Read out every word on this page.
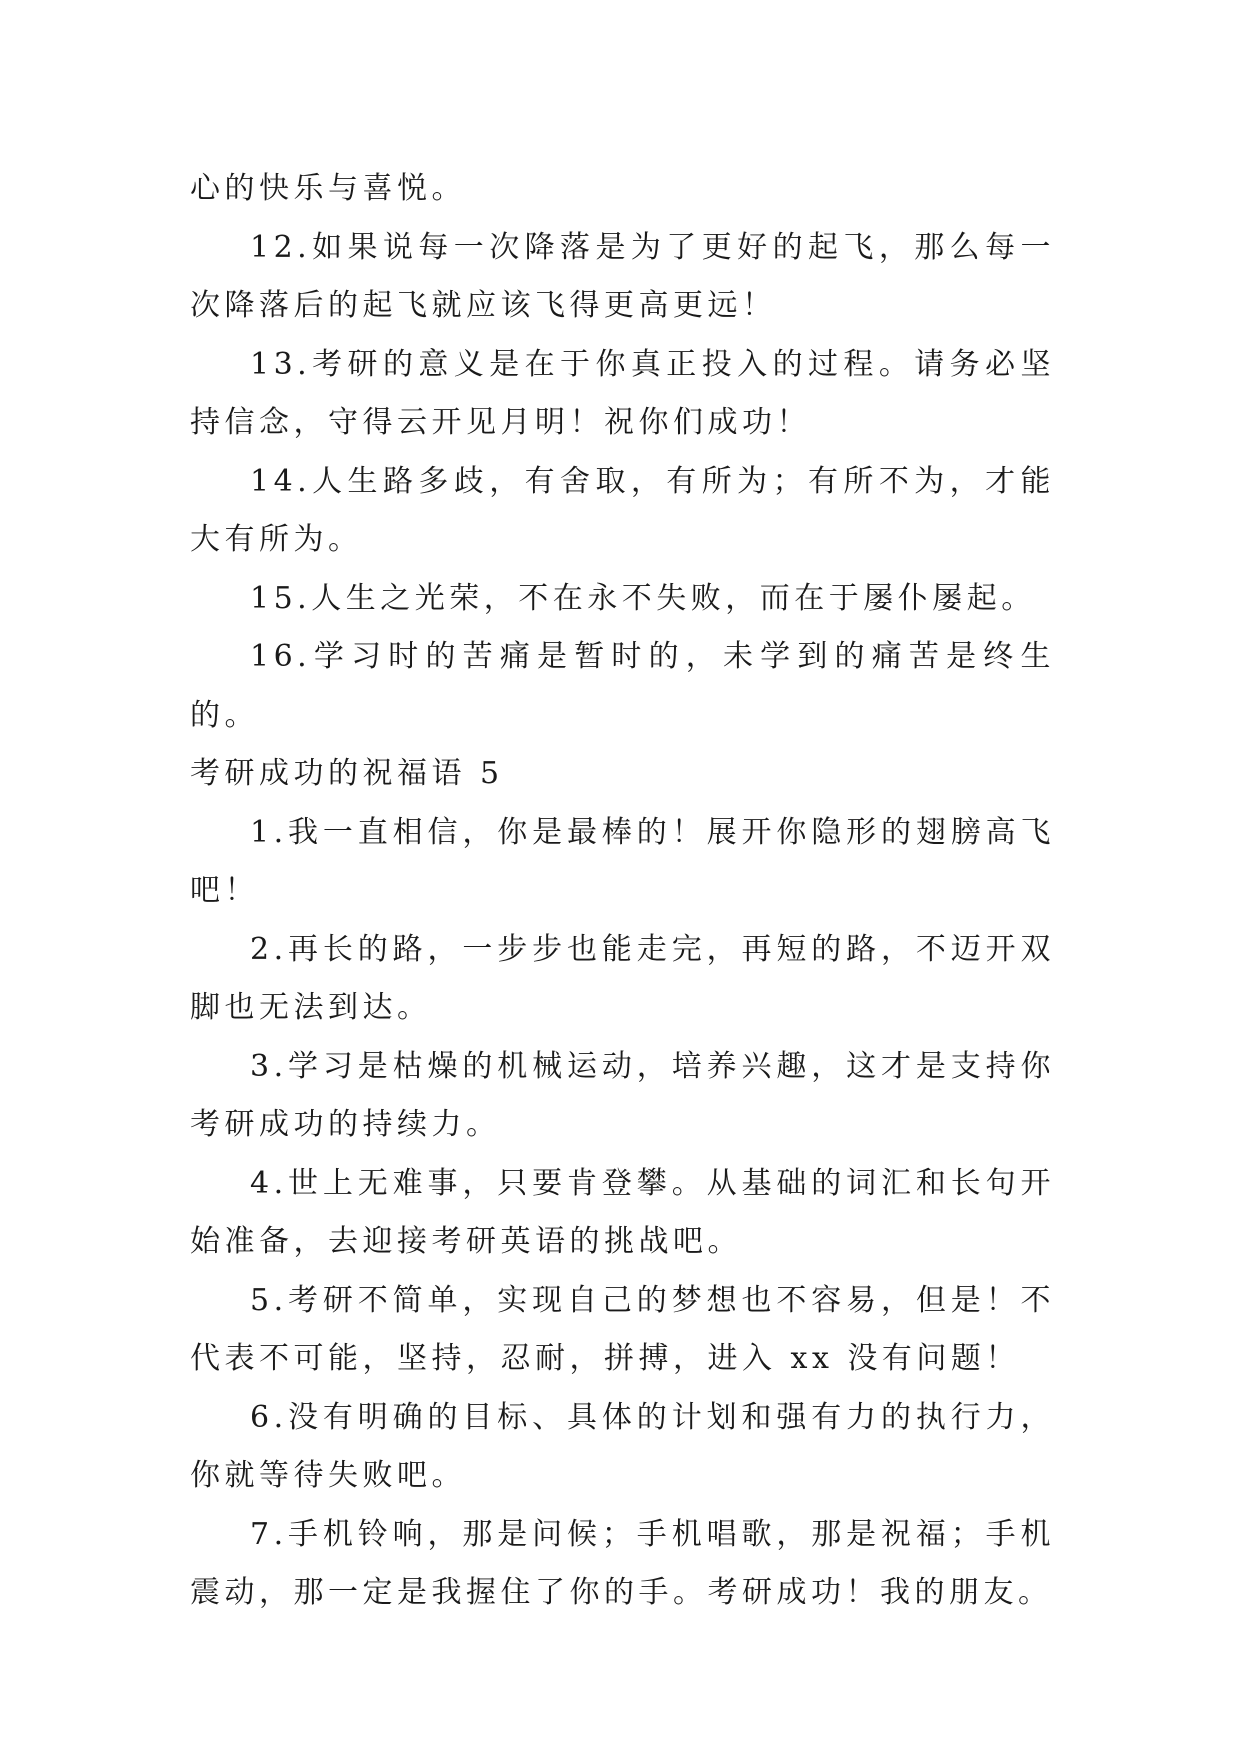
心的快乐与喜悦。

12.如果说每一次降落是为了更好的起飞，那么每一次降落后的起飞就应该飞得更高更远！

13.考研的意义是在于你真正投入的过程。请务必坚持信念，守得云开见月明！祝你们成功！

14.人生路多歧，有舍取，有所为；有所不为，才能大有所为。

15.人生之光荣，不在永不失败，而在于屡仆屡起。

16.学习时的苦痛是暂时的，未学到的痛苦是终生的。

考研成功的祝福语 5

1.我一直相信，你是最棒的！展开你隐形的翅膀高飞吧！

2.再长的路，一步步也能走完，再短的路，不迈开双脚也无法到达。

3.学习是枯燥的机械运动，培养兴趣，这才是支持你考研成功的持续力。

4.世上无难事，只要肯登攀。从基础的词汇和长句开始准备，去迎接考研英语的挑战吧。

5.考研不简单，实现自己的梦想也不容易，但是！不代表不可能，坚持，忍耐，拼搏，进入 xx 没有问题！

6.没有明确的目标、具体的计划和强有力的执行力，你就等待失败吧。

7.手机铃响，那是问候；手机唱歌，那是祝福；手机震动，那一定是我握住了你的手。考研成功！我的朋友。
